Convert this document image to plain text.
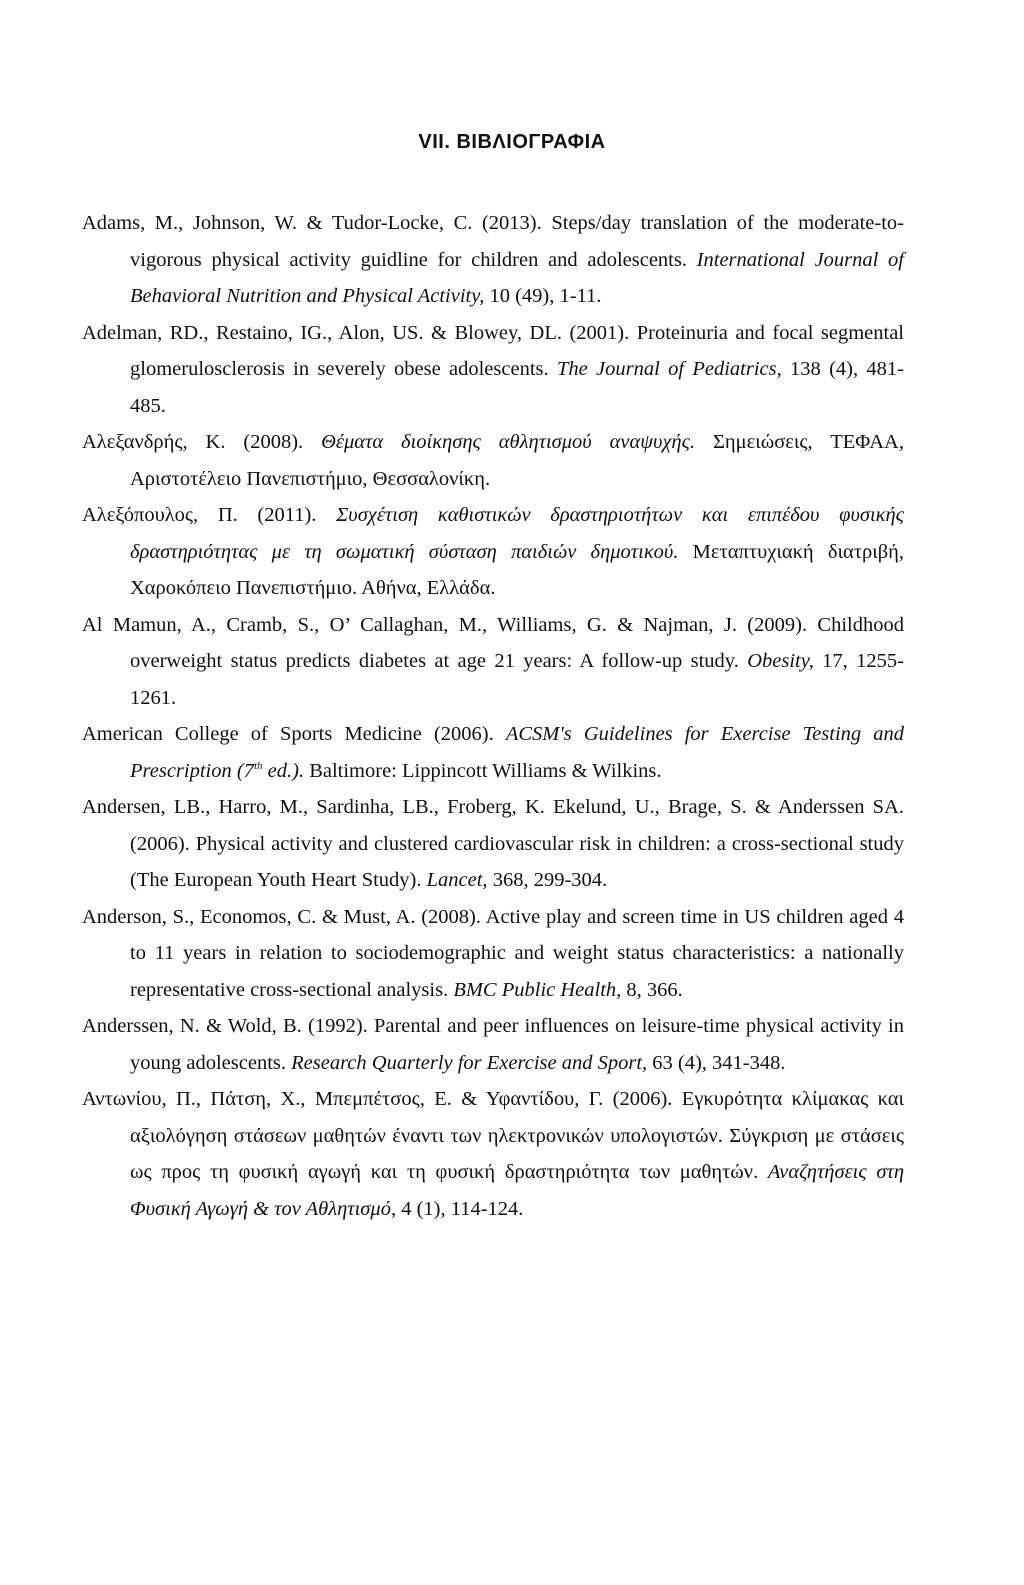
VII. ΒΙΒΛΙΟΓΡΑΦΙΑ

Adams, M., Johnson, W. & Tudor-Locke, C. (2013). Steps/day translation of the moderate-to-vigorous physical activity guidline for children and adolescents. International Journal of Behavioral Nutrition and Physical Activity, 10 (49), 1-11.

Adelman, RD., Restaino, IG., Alon, US. & Blowey, DL. (2001). Proteinuria and focal segmental glomerulosclerosis in severely obese adolescents. The Journal of Pediatrics, 138 (4), 481-485.

Αλεξανδρής, Κ. (2008). Θέματα διοίκησης αθλητισμού αναψυχής. Σημειώσεις, ΤΕΦΑΑ, Αριστοτέλειο Πανεπιστήμιο, Θεσσαλονίκη.

Αλεξόπουλος, Π. (2011). Συσχέτιση καθιστικών δραστηριοτήτων και επιπέδου φυσικής δραστηριότητας με τη σωματική σύσταση παιδιών δημοτικού. Μεταπτυχιακή διατριβή, Χαροκόπειο Πανεπιστήμιο. Αθήνα, Ελλάδα.

Al Mamun, A., Cramb, S., O’ Callaghan, M., Williams, G. & Najman, J. (2009). Childhood overweight status predicts diabetes at age 21 years: A follow-up study. Obesity, 17, 1255-1261.

American College of Sports Medicine (2006). ACSM's Guidelines for Exercise Testing and Prescription (7th ed.). Baltimore: Lippincott Williams & Wilkins.

Andersen, LB., Harro, M., Sardinha, LB., Froberg, K. Ekelund, U., Brage, S. & Anderssen SA. (2006). Physical activity and clustered cardiovascular risk in children: a cross-sectional study (The European Youth Heart Study). Lancet, 368, 299-304.

Anderson, S., Economos, C. & Must, A. (2008). Active play and screen time in US children aged 4 to 11 years in relation to sociodemographic and weight status characteristics: a nationally representative cross-sectional analysis. BMC Public Health, 8, 366.

Anderssen, N. & Wold, B. (1992). Parental and peer influences on leisure-time physical activity in young adolescents. Research Quarterly for Exercise and Sport, 63 (4), 341-348.

Αντωνίου, Π., Πάτση, Χ., Μπεμπέτσος, Ε. & Υφαντίδου, Γ. (2006). Εγκυρότητα κλίμακας και αξιολόγηση στάσεων μαθητών έναντι των ηλεκτρονικών υπολογιστών. Σύγκριση με στάσεις ως προς τη φυσική αγωγή και τη φυσική δραστηριότητα των μαθητών. Αναζητήσεις στη Φυσική Αγωγή & τον Αθλητισμό, 4 (1), 114-124.
